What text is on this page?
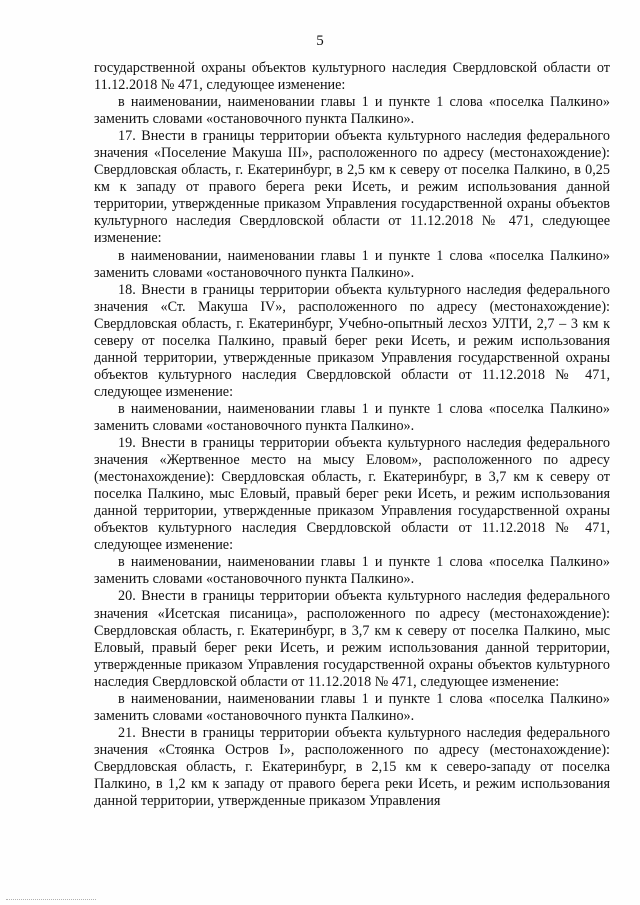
5

государственной охраны объектов культурного наследия Свердловской области от 11.12.2018 № 471, следующее изменение:

в наименовании, наименовании главы 1 и пункте 1 слова «поселка Палкино» заменить словами «остановочного пункта Палкино».

17. Внести в границы территории объекта культурного наследия федерального значения «Поселение Макуша III», расположенного по адресу (местонахождение): Свердловская область, г. Екатеринбург, в 2,5 км к северу от поселка Палкино, в 0,25 км к западу от правого берега реки Исеть, и режим использования данной территории, утвержденные приказом Управления государственной охраны объектов культурного наследия Свердловской области от 11.12.2018 № 471, следующее изменение:

в наименовании, наименовании главы 1 и пункте 1 слова «поселка Палкино» заменить словами «остановочного пункта Палкино».

18. Внести в границы территории объекта культурного наследия федерального значения «Ст. Макуша IV», расположенного по адресу (местонахождение): Свердловская область, г. Екатеринбург, Учебно-опытный лесхоз УЛТИ, 2,7 – 3 км к северу от поселка Палкино, правый берег реки Исеть, и режим использования данной территории, утвержденные приказом Управления государственной охраны объектов культурного наследия Свердловской области от 11.12.2018 № 471, следующее изменение:

в наименовании, наименовании главы 1 и пункте 1 слова «поселка Палкино» заменить словами «остановочного пункта Палкино».

19. Внести в границы территории объекта культурного наследия федерального значения «Жертвенное место на мысу Еловом», расположенного по адресу (местонахождение): Свердловская область, г. Екатеринбург, в 3,7 км к северу от поселка Палкино, мыс Еловый, правый берег реки Исеть, и режим использования данной территории, утвержденные приказом Управления государственной охраны объектов культурного наследия Свердловской области от 11.12.2018 № 471, следующее изменение:

в наименовании, наименовании главы 1 и пункте 1 слова «поселка Палкино» заменить словами «остановочного пункта Палкино».

20. Внести в границы территории объекта культурного наследия федерального значения «Исетская писаница», расположенного по адресу (местонахождение): Свердловская область, г. Екатеринбург, в 3,7 км к северу от поселка Палкино, мыс Еловый, правый берег реки Исеть, и режим использования данной территории, утвержденные приказом Управления государственной охраны объектов культурного наследия Свердловской области от 11.12.2018 № 471, следующее изменение:

в наименовании, наименовании главы 1 и пункте 1 слова «поселка Палкино» заменить словами «остановочного пункта Палкино».

21. Внести в границы территории объекта культурного наследия федерального значения «Стоянка Остров I», расположенного по адресу (местонахождение): Свердловская область, г. Екатеринбург, в 2,15 км к северо-западу от поселка Палкино, в 1,2 км к западу от правого берега реки Исеть, и режим использования данной территории, утвержденные приказом Управления
